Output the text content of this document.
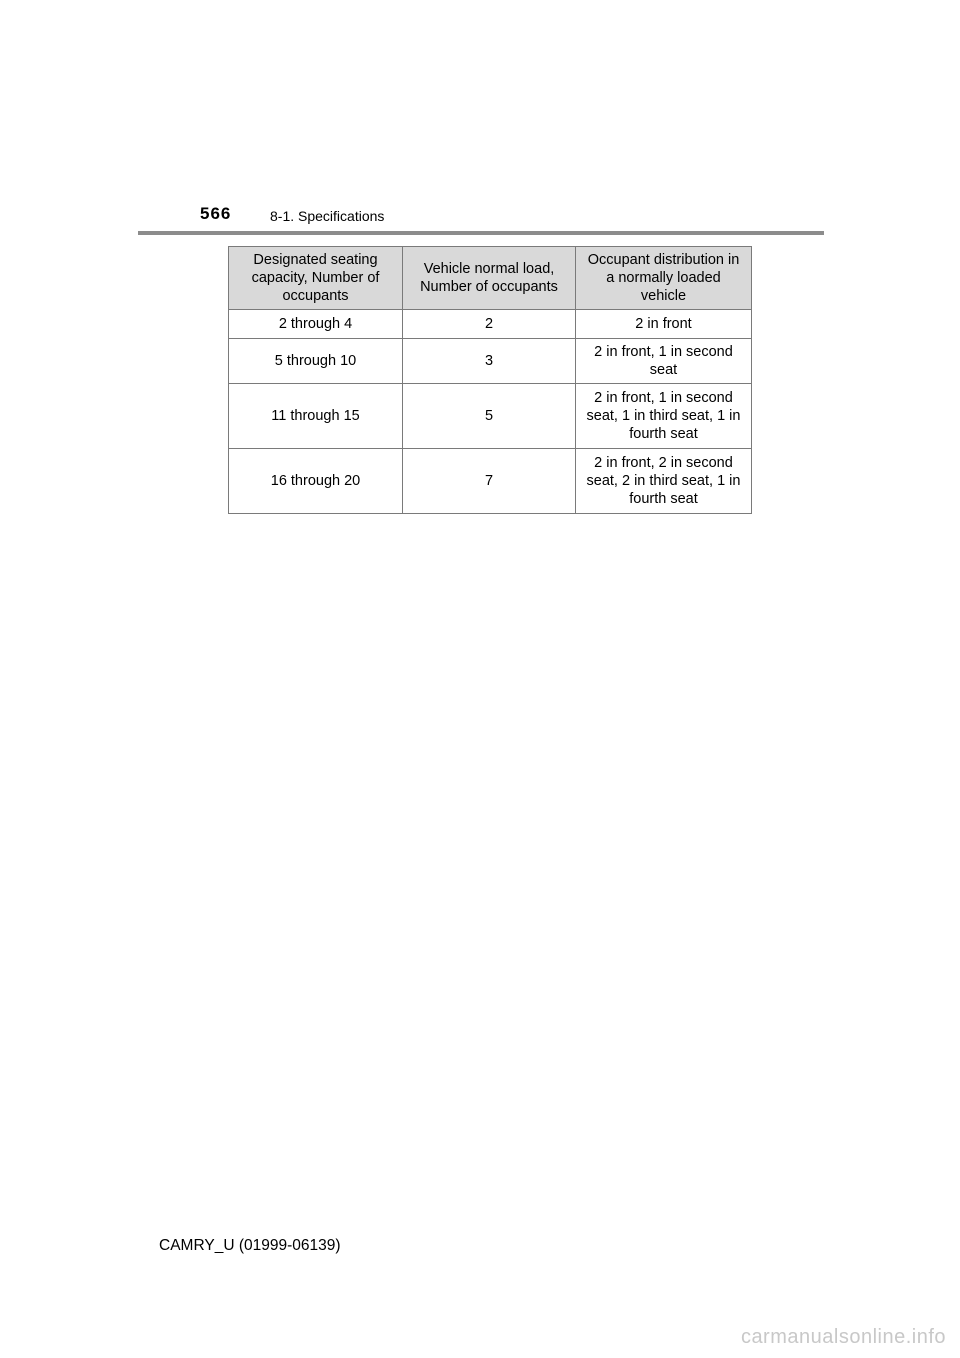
566	8-1. Specifications
Designated seating capacity, Number of occupants	Vehicle normal load, Number of occupants	Occupant distribution in a normally loaded vehicle
2 through 4	2	2 in front
5 through 10	3	2 in front, 1 in second seat
11 through 15	5	2 in front, 1 in second seat, 1 in third seat, 1 in fourth seat
16 through 20	7	2 in front, 2 in second seat, 2 in third seat, 1 in fourth seat
CAMRY_U (01999-06139)
carmanualsonline.info
